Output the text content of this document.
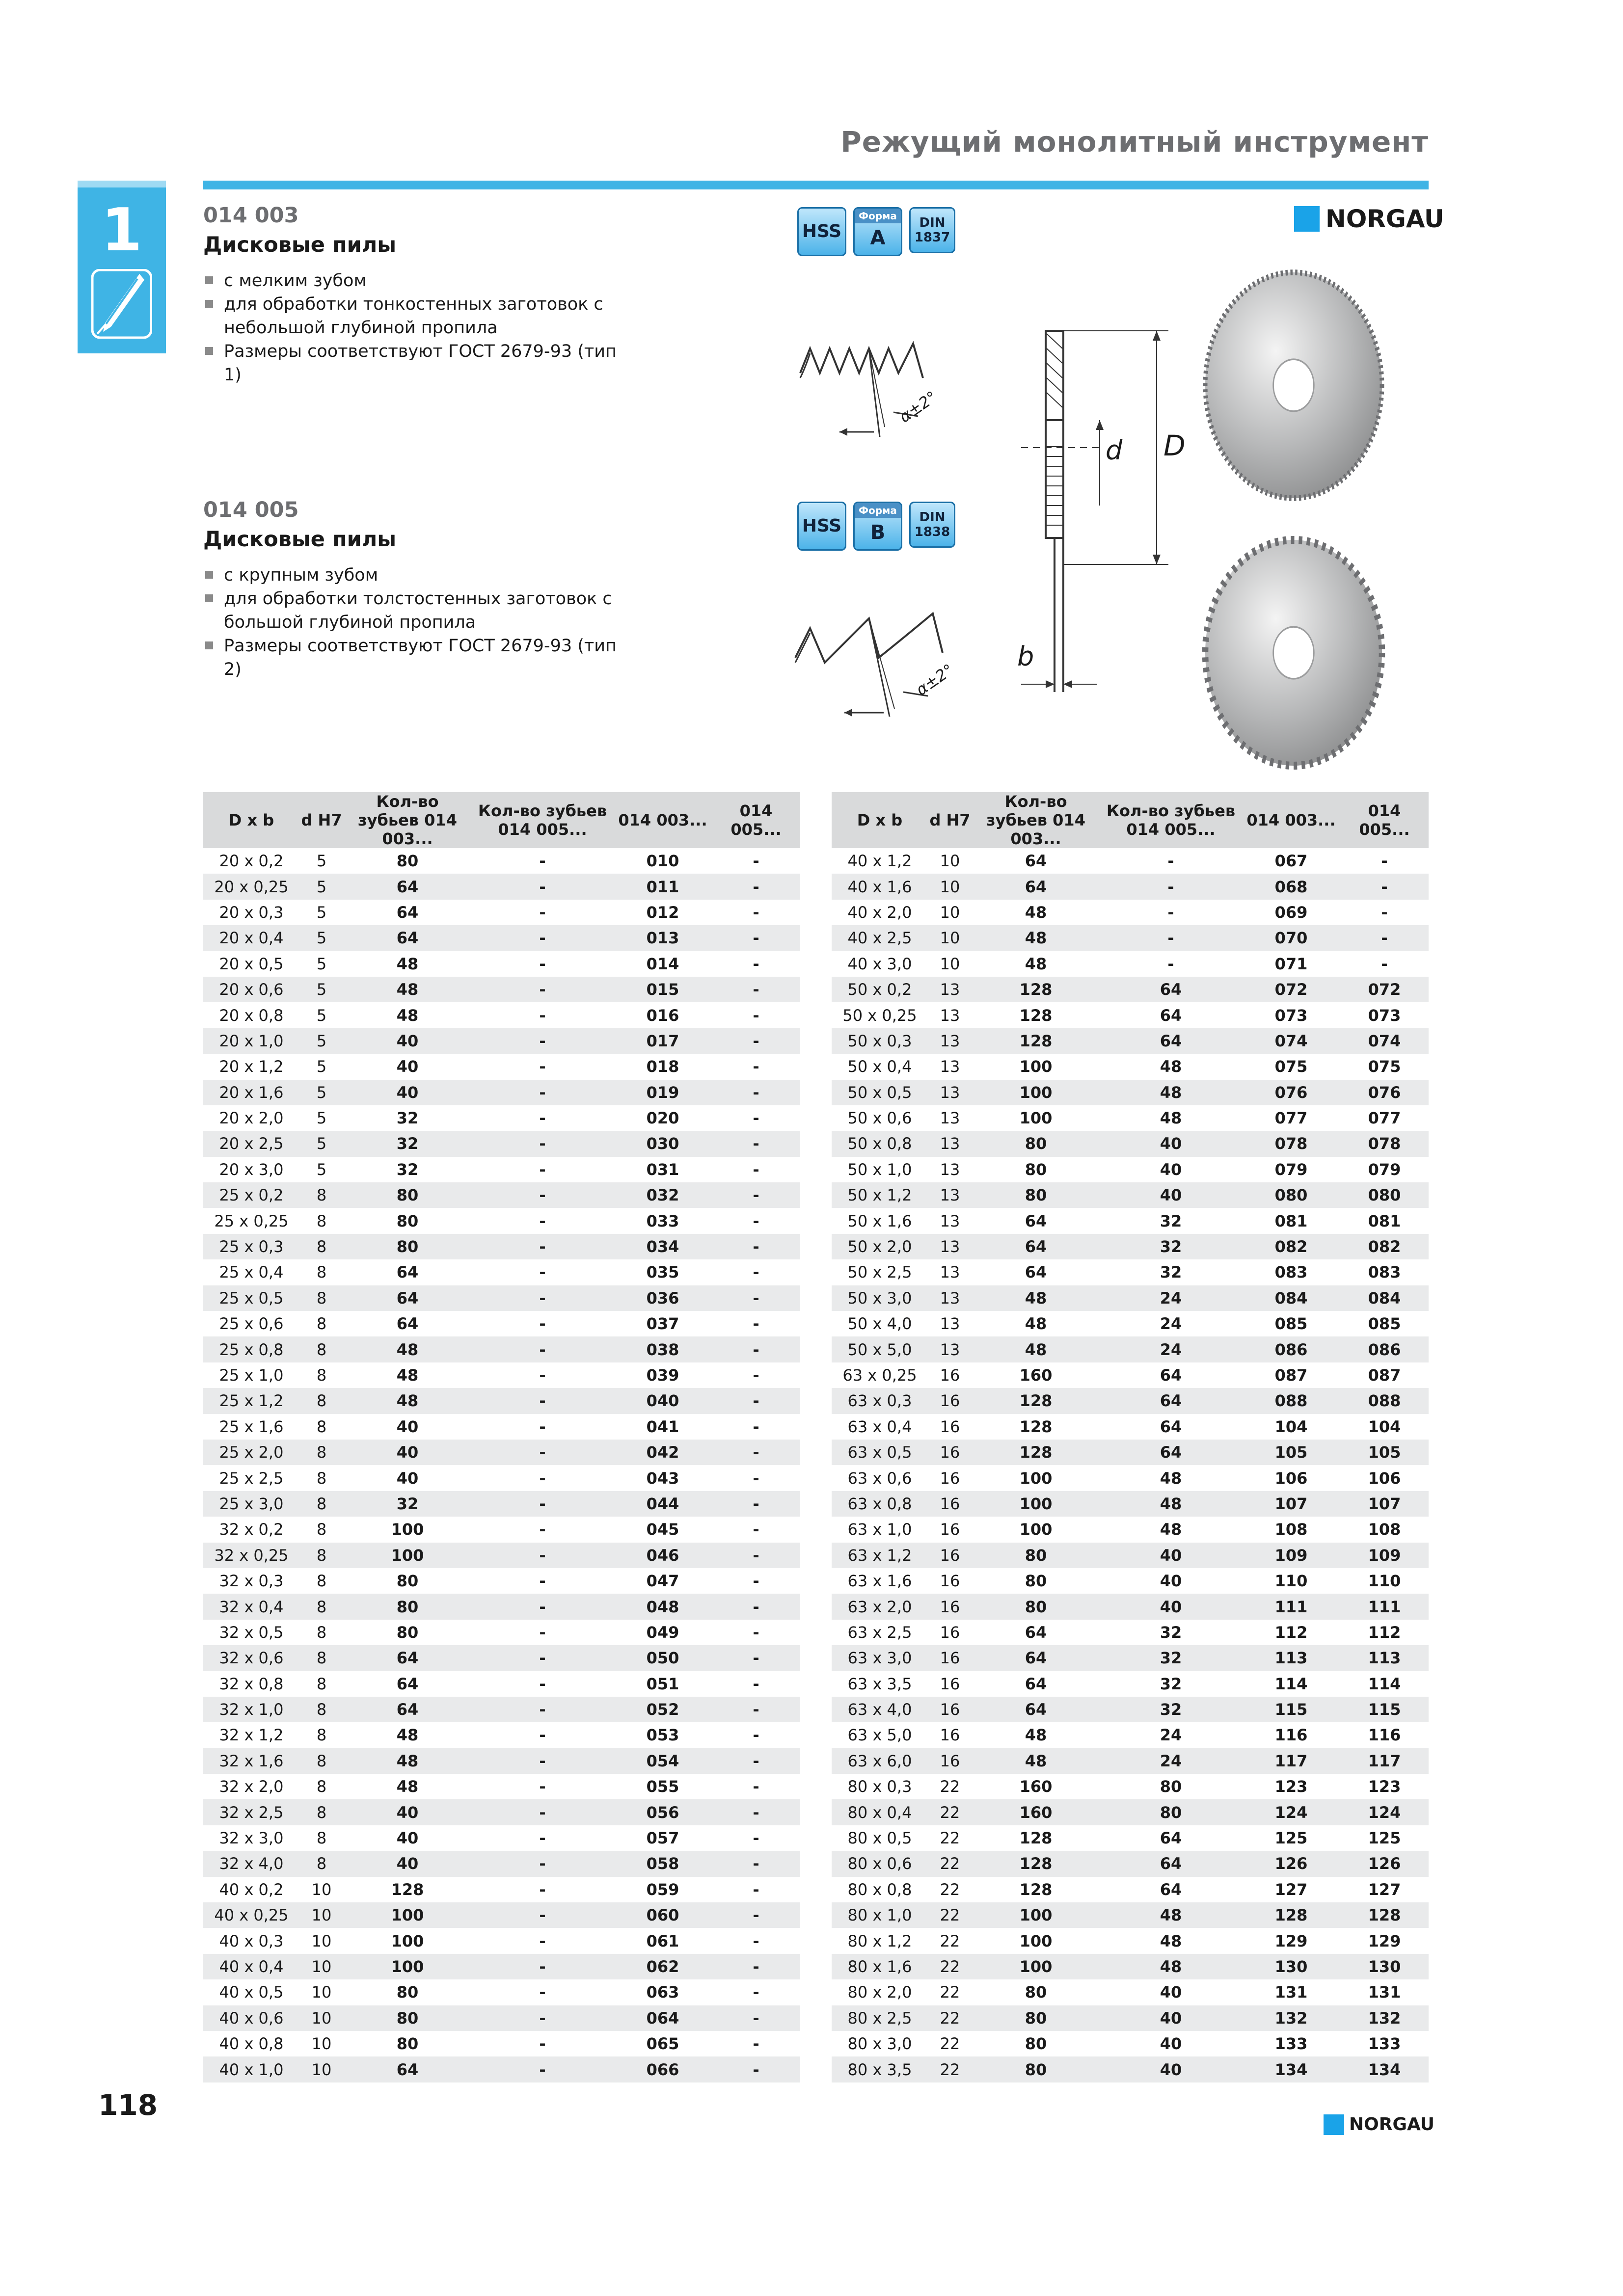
Режущий монолитный инструмент
1	NORGAU
014 003
Дисковые пилы
с мелким зубом
для обработки тонкостенных заготовок с небольшой глубиной пропила
Размеры соответствуют ГОСТ 2679-93 (тип 1)
HSS
Форма
A
DIN
1837
α±2°
014 005
Дисковые пилы
с крупным зубом
для обработки толстостенных заготовок с большой глубиной пропила
Размеры соответствуют ГОСТ 2679-93 (тип 2)
HSS
Форма
B
DIN
1838
α±2°
d D
b
D x b	d H7	Кол-во зубьев 014 003...	Кол-во зубьев 014 005...	014 003...	014 005...
20 x 0,2	5	80	-	010	-
20 x 0,25	5	64	-	011	-
20 x 0,3	5	64	-	012	-
20 x 0,4	5	64	-	013	-
20 x 0,5	5	48	-	014	-
20 x 0,6	5	48	-	015	-
20 x 0,8	5	48	-	016	-
20 x 1,0	5	40	-	017	-
20 x 1,2	5	40	-	018	-
20 x 1,6	5	40	-	019	-
20 x 2,0	5	32	-	020	-
20 x 2,5	5	32	-	030	-
20 x 3,0	5	32	-	031	-
25 x 0,2	8	80	-	032	-
25 x 0,25	8	80	-	033	-
25 x 0,3	8	80	-	034	-
25 x 0,4	8	64	-	035	-
25 x 0,5	8	64	-	036	-
25 x 0,6	8	64	-	037	-
25 x 0,8	8	48	-	038	-
25 x 1,0	8	48	-	039	-
25 x 1,2	8	48	-	040	-
25 x 1,6	8	40	-	041	-
25 x 2,0	8	40	-	042	-
25 x 2,5	8	40	-	043	-
25 x 3,0	8	32	-	044	-
32 x 0,2	8	100	-	045	-
32 x 0,25	8	100	-	046	-
32 x 0,3	8	80	-	047	-
32 x 0,4	8	80	-	048	-
32 x 0,5	8	80	-	049	-
32 x 0,6	8	64	-	050	-
32 x 0,8	8	64	-	051	-
32 x 1,0	8	64	-	052	-
32 x 1,2	8	48	-	053	-
32 x 1,6	8	48	-	054	-
32 x 2,0	8	48	-	055	-
32 x 2,5	8	40	-	056	-
32 x 3,0	8	40	-	057	-
32 x 4,0	8	40	-	058	-
40 x 0,2	10	128	-	059	-
40 x 0,25	10	100	-	060	-
40 x 0,3	10	100	-	061	-
40 x 0,4	10	100	-	062	-
40 x 0,5	10	80	-	063	-
40 x 0,6	10	80	-	064	-
40 x 0,8	10	80	-	065	-
40 x 1,0	10	64	-	066	-
D x b	d H7	Кол-во зубьев 014 003...	Кол-во зубьев 014 005...	014 003...	014 005...
40 x 1,2	10	64	-	067	-
40 x 1,6	10	64	-	068	-
40 x 2,0	10	48	-	069	-
40 x 2,5	10	48	-	070	-
40 x 3,0	10	48	-	071	-
50 x 0,2	13	128	64	072	072
50 x 0,25	13	128	64	073	073
50 x 0,3	13	128	64	074	074
50 x 0,4	13	100	48	075	075
50 x 0,5	13	100	48	076	076
50 x 0,6	13	100	48	077	077
50 x 0,8	13	80	40	078	078
50 x 1,0	13	80	40	079	079
50 x 1,2	13	80	40	080	080
50 x 1,6	13	64	32	081	081
50 x 2,0	13	64	32	082	082
50 x 2,5	13	64	32	083	083
50 x 3,0	13	48	24	084	084
50 x 4,0	13	48	24	085	085
50 x 5,0	13	48	24	086	086
63 x 0,25	16	160	64	087	087
63 x 0,3	16	128	64	088	088
63 x 0,4	16	128	64	104	104
63 x 0,5	16	128	64	105	105
63 x 0,6	16	100	48	106	106
63 x 0,8	16	100	48	107	107
63 x 1,0	16	100	48	108	108
63 x 1,2	16	80	40	109	109
63 x 1,6	16	80	40	110	110
63 x 2,0	16	80	40	111	111
63 x 2,5	16	64	32	112	112
63 x 3,0	16	64	32	113	113
63 x 3,5	16	64	32	114	114
63 x 4,0	16	64	32	115	115
63 x 5,0	16	48	24	116	116
63 x 6,0	16	48	24	117	117
80 x 0,3	22	160	80	123	123
80 x 0,4	22	160	80	124	124
80 x 0,5	22	128	64	125	125
80 x 0,6	22	128	64	126	126
80 x 0,8	22	128	64	127	127
80 x 1,0	22	100	48	128	128
80 x 1,2	22	100	48	129	129
80 x 1,6	22	100	48	130	130
80 x 2,0	22	80	40	131	131
80 x 2,5	22	80	40	132	132
80 x 3,0	22	80	40	133	133
80 x 3,5	22	80	40	134	134
118
NORGAU
